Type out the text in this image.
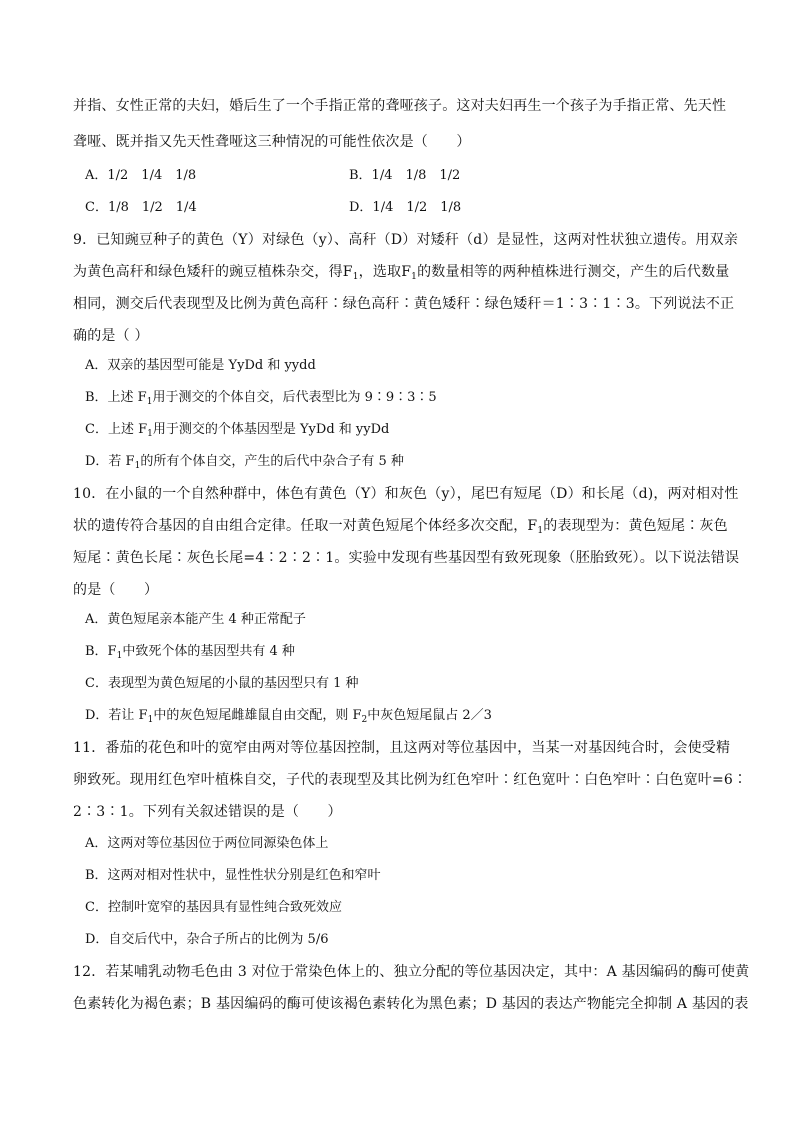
并指、女性正常的夫妇，婚后生了一个手指正常的聋哑孩子。这对夫妇再生一个孩子为手指正常、先天性
聋哑、既并指又先天性聋哑这三种情况的可能性依次是（　　）
A．1/2　1/4　1/8	B．1/4　1/8　1/2
C．1/8　1/2　1/4	D．1/4　1/2　1/8
9．已知豌豆种子的黄色（Y）对绿色（y）、高秆（D）对矮秆（d）是显性，这两对性状独立遗传。用双亲
为黄色高秆和绿色矮秆的豌豆植株杂交，得$F_1$，选取$F_1$的数量相等的两种植株进行测交，产生的后代数量
相同，测交后代表现型及比例为黄色高秆∶绿色高秆∶黄色矮秆∶绿色矮秆＝1∶3∶1∶3。下列说法不正
确的是（ ）
A．双亲的基因型可能是 YyDd 和 yydd
B．上述 $F_1$用于测交的个体自交，后代表型比为 9∶9∶3∶5
C．上述 $F_1$用于测交的个体基因型是 YyDd 和 yyDd
D．若 $F_1$的所有个体自交，产生的后代中杂合子有 5 种
10．在小鼠的一个自然种群中，体色有黄色（Y）和灰色（y），尾巴有短尾（D）和长尾（d)，两对相对性
状的遗传符合基因的自由组合定律。任取一对黄色短尾个体经多次交配，$F_1$的表现型为：黄色短尾∶灰色
短尾∶黄色长尾∶灰色长尾=4∶2∶2∶1。实验中发现有些基因型有致死现象（胚胎致死）。以下说法错误
的是（　　）
A．黄色短尾亲本能产生 4 种正常配子
B．$F_1$中致死个体的基因型共有 4 种
C．表现型为黄色短尾的小鼠的基因型只有 1 种
D．若让 $F_1$中的灰色短尾雌雄鼠自由交配，则 $F_2$中灰色短尾鼠占 2／3
11．番茄的花色和叶的宽窄由两对等位基因控制，且这两对等位基因中，当某一对基因纯合时，会使受精
卵致死。现用红色窄叶植株自交，子代的表现型及其比例为红色窄叶∶红色宽叶∶白色窄叶∶白色宽叶=6∶
2∶3∶1。下列有关叙述错误的是（　　）
A．这两对等位基因位于两位同源染色体上
B．这两对相对性状中，显性性状分别是红色和窄叶
C．控制叶宽窄的基因具有显性纯合致死效应
D．自交后代中，杂合子所占的比例为 5/6
12．若某哺乳动物毛色由 3 对位于常染色体上的、独立分配的等位基因决定，其中：A 基因编码的酶可使黄
色素转化为褐色素；B 基因编码的酶可使该褐色素转化为黑色素；D 基因的表达产物能完全抑制 A 基因的表
